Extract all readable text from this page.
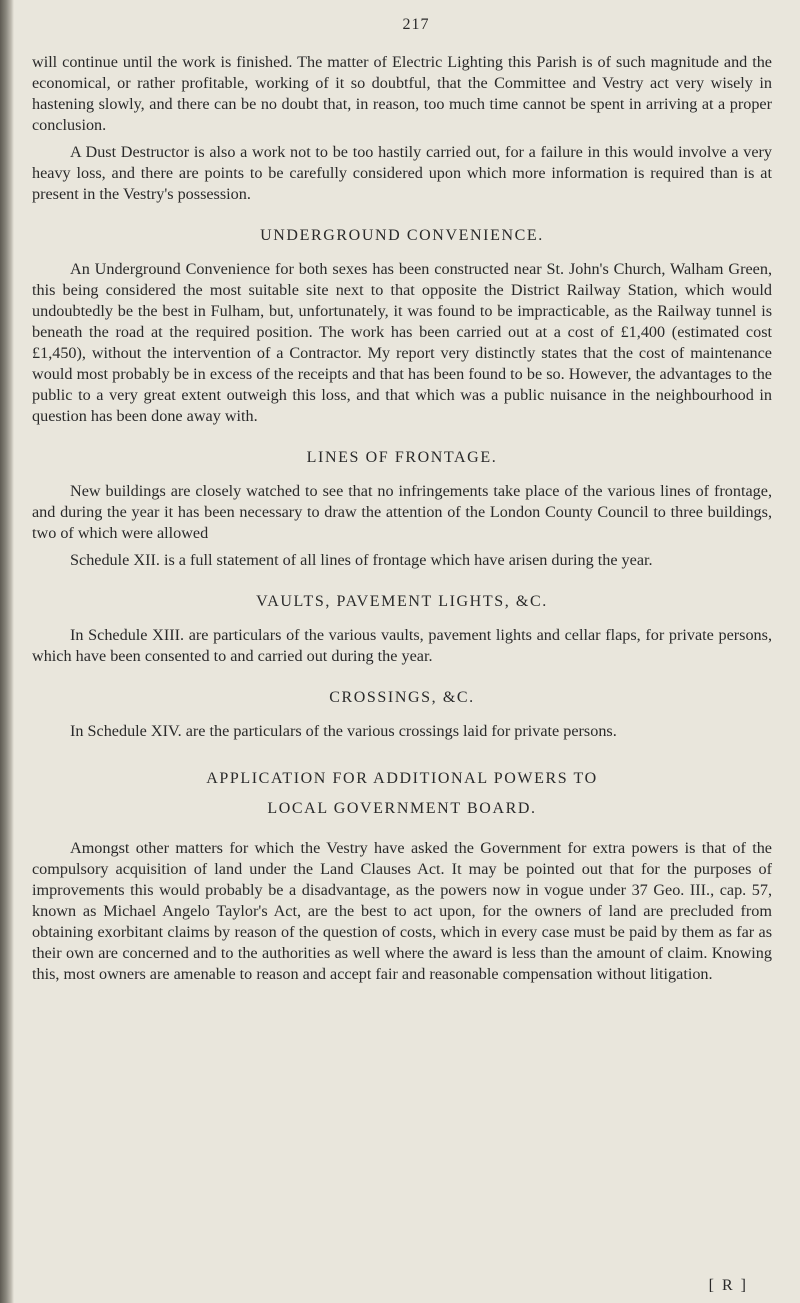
217

will continue until the work is finished. The matter of Electric Lighting this Parish is of such magnitude and the economical, or rather profitable, working of it so doubtful, that the Committee and Vestry act very wisely in hastening slowly, and there can be no doubt that, in reason, too much time cannot be spent in arriving at a proper conclusion.

A Dust Destructor is also a work not to be too hastily carried out, for a failure in this would involve a very heavy loss, and there are points to be carefully considered upon which more information is required than is at present in the Vestry's possession.

UNDERGROUND CONVENIENCE.

An Underground Convenience for both sexes has been constructed near St. John's Church, Walham Green, this being considered the most suitable site next to that opposite the District Railway Station, which would undoubtedly be the best in Fulham, but, unfortunately, it was found to be impracticable, as the Railway tunnel is beneath the road at the required position. The work has been carried out at a cost of £1,400 (estimated cost £1,450), without the intervention of a Contractor. My report very distinctly states that the cost of maintenance would most probably be in excess of the receipts and that has been found to be so. However, the advantages to the public to a very great extent outweigh this loss, and that which was a public nuisance in the neighbourhood in question has been done away with.

LINES OF FRONTAGE.

New buildings are closely watched to see that no infringements take place of the various lines of frontage, and during the year it has been necessary to draw the attention of the London County Council to three buildings, two of which were allowed

Schedule XII. is a full statement of all lines of frontage which have arisen during the year.

VAULTS, PAVEMENT LIGHTS, &C.

In Schedule XIII. are particulars of the various vaults, pavement lights and cellar flaps, for private persons, which have been consented to and carried out during the year.

CROSSINGS, &C.

In Schedule XIV. are the particulars of the various crossings laid for private persons.

APPLICATION FOR ADDITIONAL POWERS TO
LOCAL GOVERNMENT BOARD.

Amongst other matters for which the Vestry have asked the Government for extra powers is that of the compulsory acquisition of land under the Land Clauses Act. It may be pointed out that for the purposes of improvements this would probably be a disadvantage, as the powers now in vogue under 37 Geo. III., cap. 57, known as Michael Angelo Taylor's Act, are the best to act upon, for the owners of land are precluded from obtaining exorbitant claims by reason of the question of costs, which in every case must be paid by them as far as their own are concerned and to the authorities as well where the award is less than the amount of claim. Knowing this, most owners are amenable to reason and accept fair and reasonable compensation without litigation.

[ R ]
